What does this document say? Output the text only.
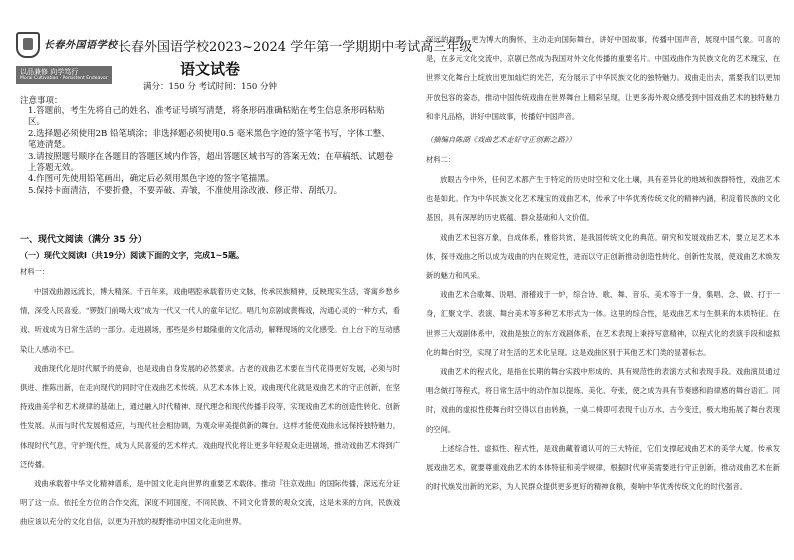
长春外国语学校
以品兼修 向学笃行
Moral Cultivation · Persistent Endeavor
长春外国语学校2023~2024 学年第一学期期中考试高三年级
语文试卷
满分：150 分 考试时间：150 分钟
注意事项：

1.答题前，考生先将自己的姓名、准考证号填写清楚，将条形码准确粘贴在考生信息条形码粘贴区。

2.选择题必须使用2B 铅笔填涂；非选择题必须使用0.5 毫米黑色字迹的签字笔书写，字体工整、笔迹清楚。

3.请按照题号顺序在各题目的答题区域内作答，超出答题区域书写的答案无效；在草稿纸、试题卷上答题无效。

4.作图可先使用铅笔画出，确定后必须用黑色字迹的签字笔描黑。

5.保持卡面清洁，不要折叠，不要弄破、弄皱，不准使用涂改液、修正带、刮纸刀。

一、现代文阅读（满分 35 分）
（一）现代文阅读I（共19分）阅读下面的文字，完成1~5题。

材料一：

中国戏曲源远流长，博大精深。千百年来，戏曲唱腔承载着历史文脉，传承民族精神，反映现实生活，寄寓乡愁乡情，深受人民喜爱。“锣鼓门前喝大戏”成为一代又一代人的童年记忆。唱几句京剧或黄梅戏，沟通心灵的一种方式，看戏、听戏成为日常生活的一部分。走进剧场，那些是乡村最隆重的文化活动，解释现场的文化感受。台上台下的互动感染让人感动不已。

戏曲现代化是时代赋予的使命，也是戏曲自身发展的必然要求。古老的戏曲艺术要在当代花得更好发展，必须与时俱进、推陈出新，在走向现代的同时守住戏曲艺术传统。从艺术本体上说，戏曲现代化就是戏曲艺术的守正创新，在坚持戏曲美学和艺术规律的基础上，通过融入时代精神、现代理念和现代传播手段等，实现戏曲艺术的创造性转化、创新性发展。从而与时代发展相适应，与现代社会相协调，为观众审美提供新的舞台。这样才能使戏曲永远保持独特魅力，体现时代气息，守护现代性，成为人民喜爱的艺术样式。戏曲现代化将让更多年轻观众走进剧场，推动戏曲艺术得到广泛传播。

戏曲承载着中华文化精神谱系，是中国文化走向世界的重要艺术载体。推动『往京戏曲』的国际传播，深远充分证明了这一点。依托全方位的合作交流，深度不同国度、不同民族、不同文化背景的观众交流，这是未来的方向，民族戏曲应该以充分的文化自信，以更为开放的视野推动中国文化走向世界。

深远的视野、更为博大的胸怀，主动走向国际舞台，讲好中国故事，传播中国声音，展现中国气象。可喜的是，在多元文化交流中，京剧已然成为我国对外文化传播的重要名片。中国戏曲作为民族文化的艺术瑰宝，在世界文化舞台上绽放出更加灿烂的光芒，充分展示了中华民族文化的独特魅力。戏曲走出去，需要我们以更加开放包容的姿态，推动中国传统戏曲在世界舞台上精彩呈现，让更多海外观众感受到中国戏曲艺术的独特魅力和非凡品格，讲好中国故事，传播好中国声音。

（摘编自陈湖《戏曲艺术走好守正创新之路》）

材料二：

放眼古今中外，任何艺术都产生于特定的历史时空和文化土壤，具有差异化的地域和族群特性，戏曲艺术也是如此。作为中华民族文化艺术瑰宝的戏曲艺术，传承了中华优秀传统文化的精神内涵，积淀着民族的文化基因，具有深厚的历史底蕴、群众基础和人文价值。

戏曲艺术包容万象，自成体系，雅俗共赏，是我国传统文化的典范。研究和发展戏曲艺术，要立足艺术本体，探寻戏曲之所以成为戏曲的内在规定性，进而以守正创新推动创造性转化、创新性发展，使戏曲艺术焕发新的魅力和风采。

戏曲艺术合歌舞、说唱、滑稽戏于一炉，综合诗、歌、舞、音乐、美术等于一身，集唱、念、做、打于一身，汇聚文学、表演、舞台美术等多种艺术形式为一体。这里的综合性，是戏曲艺术与生俱来的本质特征。在世界三大戏剧体系中，戏曲是独立的东方戏剧体系，在艺术表现上秉持写意精神，以程式化的表演手段和虚拟化的舞台时空，实现了对生活的艺术化呈现。这是戏曲区别于其他艺术门类的显著标志。

戏曲艺术的程式化，是指在长期的舞台实践中形成的、具有规范性的表演方式和表现手段。戏曲演员通过唱念做打等程式，将日常生活中的动作加以提炼、美化、夸张，使之成为具有节奏感和韵律感的舞台语汇。同时，戏曲的虚拟性使舞台时空得以自由转换，一桌二椅即可表现千山万水、古今变迁，极大地拓展了舞台表现的空间。

上述综合性、虚拟性、程式性，是戏曲藏着通认可的三大特征，它们支撑起戏曲艺术的美学大厦。传承发展戏曲艺术，就要尊重戏曲艺术的本体特征和美学规律，根据时代审美需要进行守正创新，推动戏曲艺术在新的时代焕发出新的光彩，为人民群众提供更多更好的精神食粮，奏响中华优秀传统文化的时代强音。
